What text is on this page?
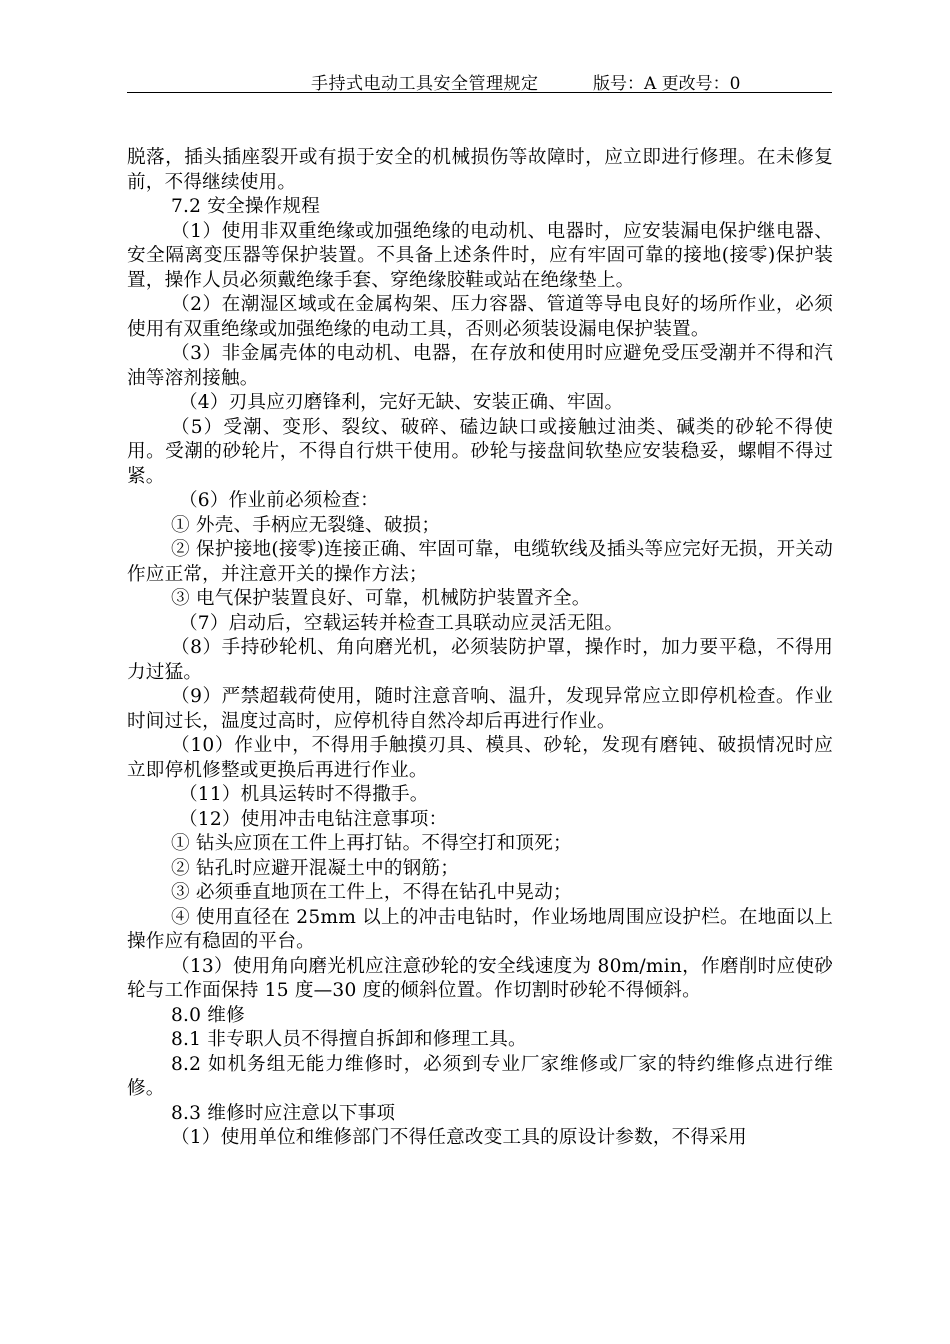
手持式电动工具安全管理规定	版号：A 更改号：0

脱落，插头插座裂开或有损于安全的机械损伤等故障时，应立即进行修理。在未修复前，不得继续使用。

7.2 安全操作规程

（1）使用非双重绝缘或加强绝缘的电动机、电器时，应安装漏电保护继电器、安全隔离变压器等保护装置。不具备上述条件时，应有牢固可靠的接地(接零)保护装置，操作人员必须戴绝缘手套、穿绝缘胶鞋或站在绝缘垫上。

（2）在潮湿区域或在金属构架、压力容器、管道等导电良好的场所作业，必须使用有双重绝缘或加强绝缘的电动工具，否则必须装设漏电保护装置。

（3）非金属壳体的电动机、电器，在存放和使用时应避免受压受潮并不得和汽油等溶剂接触。

（4）刃具应刃磨锋利，完好无缺、安装正确、牢固。

（5）受潮、变形、裂纹、破碎、磕边缺口或接触过油类、碱类的砂轮不得使用。受潮的砂轮片，不得自行烘干使用。砂轮与接盘间软垫应安装稳妥，螺帽不得过紧。

（6）作业前必须检查：

① 外壳、手柄应无裂缝、破损；

② 保护接地(接零)连接正确、牢固可靠，电缆软线及插头等应完好无损，开关动作应正常，并注意开关的操作方法；

③ 电气保护装置良好、可靠，机械防护装置齐全。

（7）启动后，空载运转并检查工具联动应灵活无阻。

（8）手持砂轮机、角向磨光机，必须装防护罩，操作时，加力要平稳，不得用力过猛。

（9）严禁超载荷使用，随时注意音响、温升，发现异常应立即停机检查。作业时间过长，温度过高时，应停机待自然冷却后再进行作业。

（10）作业中，不得用手触摸刃具、模具、砂轮，发现有磨钝、破损情况时应立即停机修整或更换后再进行作业。

（11）机具运转时不得撒手。

（12）使用冲击电钻注意事项：

① 钻头应顶在工件上再打钻。不得空打和顶死；

② 钻孔时应避开混凝土中的钢筋；

③ 必须垂直地顶在工件上，不得在钻孔中晃动；

④ 使用直径在 25mm 以上的冲击电钻时，作业场地周围应设护栏。在地面以上操作应有稳固的平台。

（13）使用角向磨光机应注意砂轮的安全线速度为 80m/min，作磨削时应使砂轮与工作面保持 15 度—30 度的倾斜位置。作切割时砂轮不得倾斜。

8.0 维修

8.1 非专职人员不得擅自拆卸和修理工具。

8.2 如机务组无能力维修时，必须到专业厂家维修或厂家的特约维修点进行维修。

8.3 维修时应注意以下事项

（1）使用单位和维修部门不得任意改变工具的原设计参数，不得采用
